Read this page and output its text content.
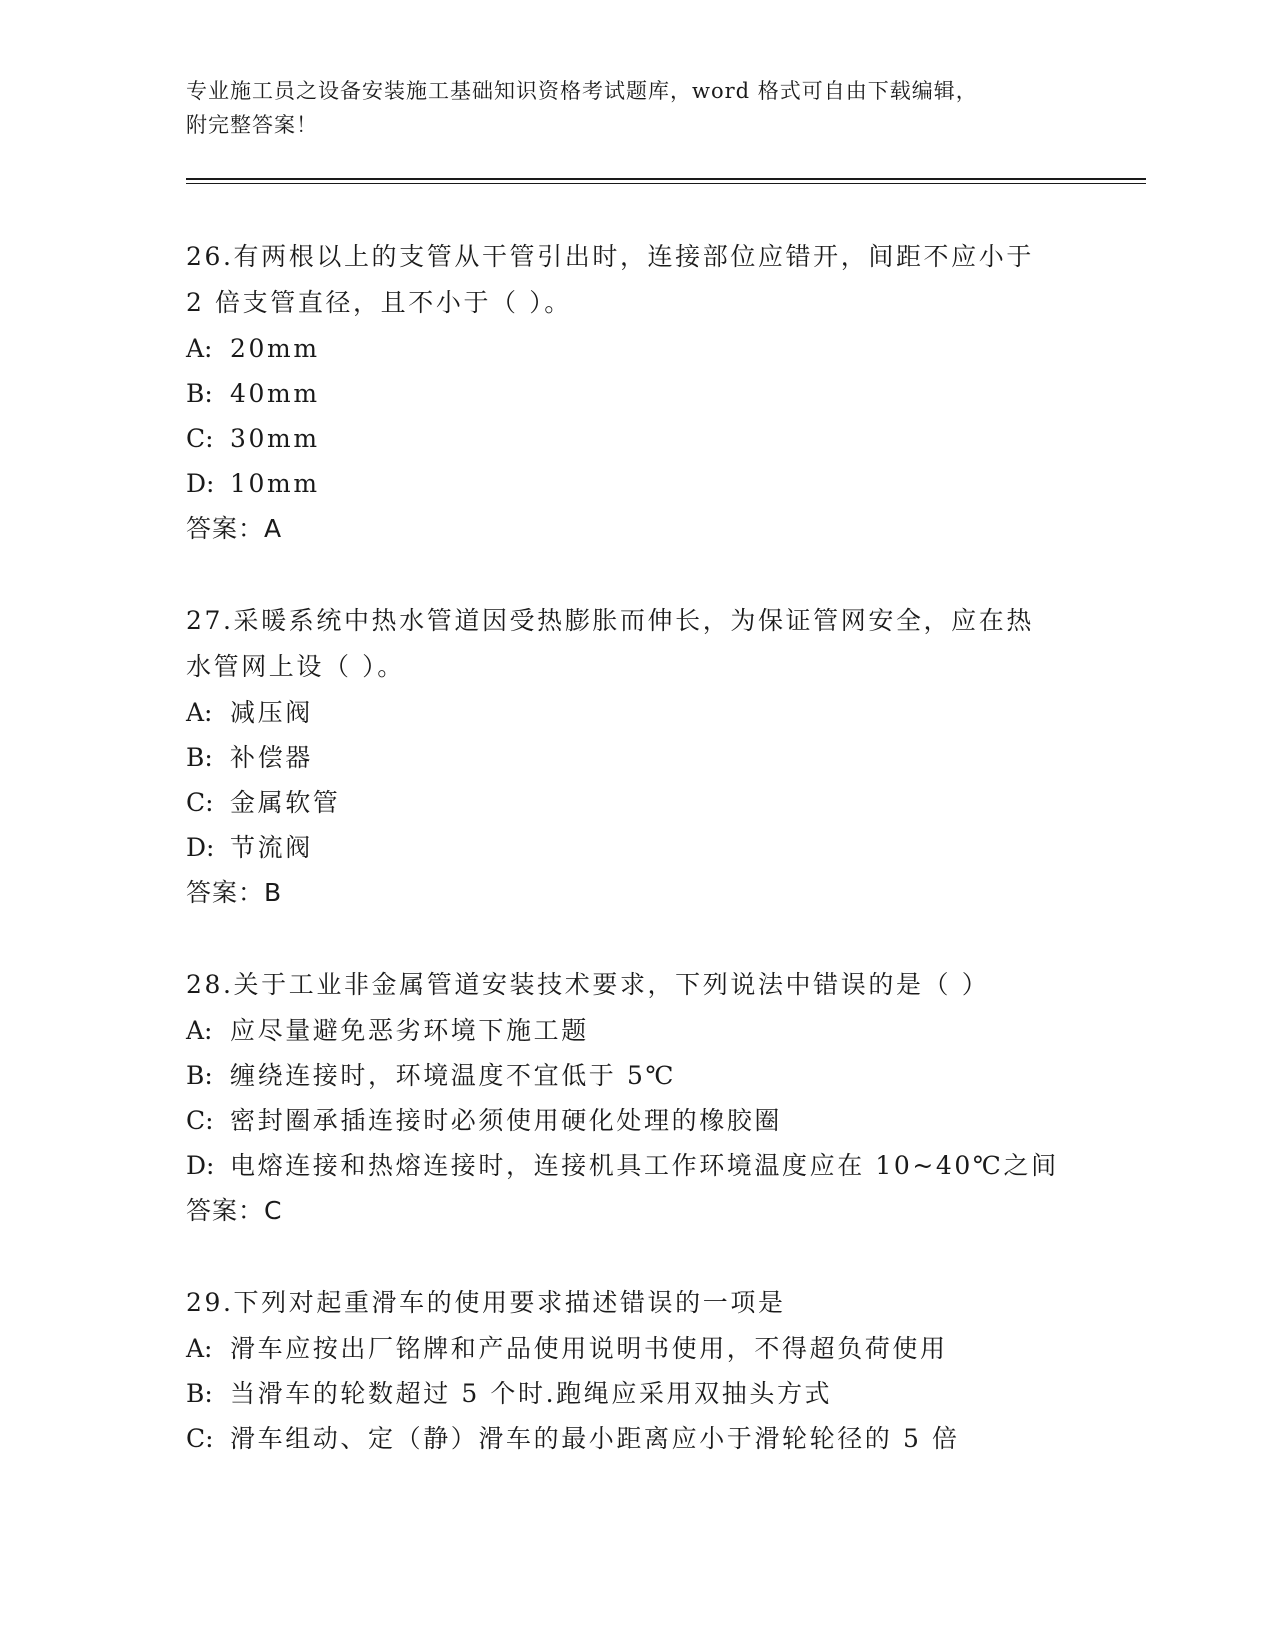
专业施工员之设备安装施工基础知识资格考试题库，word 格式可自由下载编辑，
附完整答案！

26.有两根以上的支管从干管引出时，连接部位应错开，间距不应小于

2 倍支管直径，且不小于（ ）。

A: 20mm

B: 40mm

C: 30mm

D: 10mm

答案：A

27.采暖系统中热水管道因受热膨胀而伸长，为保证管网安全，应在热

水管网上设（ ）。

A: 减压阀

B: 补偿器

C: 金属软管

D: 节流阀

答案：B

28.关于工业非金属管道安装技术要求，下列说法中错误的是（ ）

A: 应尽量避免恶劣环境下施工题

B: 缠绕连接时，环境温度不宜低于 5℃

C: 密封圈承插连接时必须使用硬化处理的橡胶圈

D: 电熔连接和热熔连接时，连接机具工作环境温度应在 10~40℃之间

答案：C

29.下列对起重滑车的使用要求描述错误的一项是

A: 滑车应按出厂铭牌和产品使用说明书使用，不得超负荷使用

B: 当滑车的轮数超过 5 个时.跑绳应采用双抽头方式

C: 滑车组动、定（静）滑车的最小距离应小于滑轮轮径的 5 倍
